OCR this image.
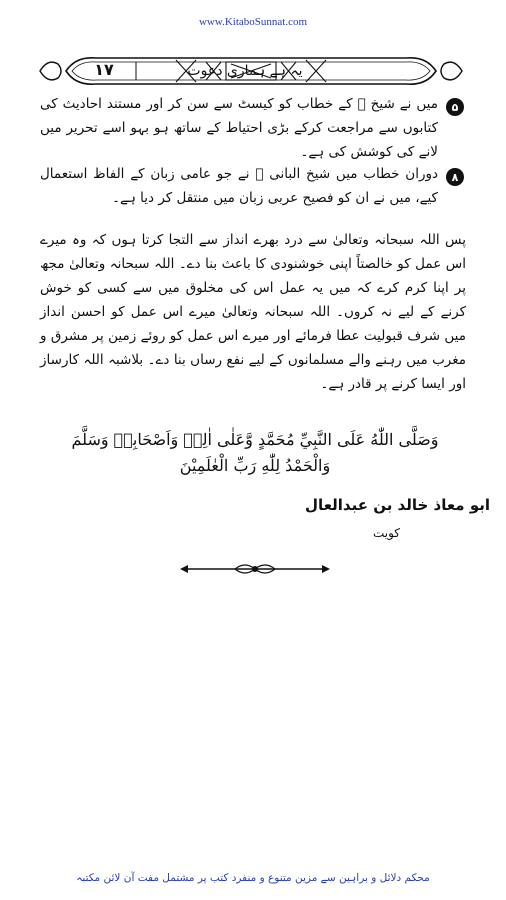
www.KitaboSunnat.com
۱۷	یہ ہے ہماری دعوت
۵
میں نے شیخ ﷫ کے خطاب کو کیسٹ سے سن کر اور مستند احادیث کی کتابوں سے مراجعت کرکے بڑی احتیاط کے ساتھ ہو بہو اسے تحریر میں لانے کی کوشش کی ہے۔
۸
دوران خطاب میں شیخ البانی ﷫ نے جو عامی زبان کے الفاظ استعمال کیے، میں نے ان کو فصیح عربی زبان میں منتقل کر دیا ہے۔
پس اللہ سبحانہ وتعالیٰ سے درد بھرے انداز سے التجا کرتا ہوں کہ وہ میرے اس عمل کو خالصتاً اپنی خوشنودی کا باعث بنا دے۔ اللہ سبحانہ وتعالیٰ مجھ پر اپنا کرم کرے کہ میں یہ عمل اس کی مخلوق میں سے کسی کو خوش کرنے کے لیے نہ کروں۔ اللہ سبحانہ وتعالیٰ میرے اس عمل کو احسن انداز میں شرف قبولیت عطا فرمائے اور میرے اس عمل کو روئے زمین پر مشرق و مغرب میں رہنے والے مسلمانوں کے لیے نفع رساں بنا دے۔ بلاشبہ اللہ کارساز اور ایسا کرنے پر قادر ہے۔
وَصَلَّى اللّٰهُ عَلَى النَّبِيِّ مُحَمَّدٍ وَّعَلٰى اٰلِهٖ وَاَصْحَابِهٖ وَسَلَّمَ
وَالْحَمْدُ لِلّٰهِ رَبِّ الْعٰلَمِيْنَ
ابو معاذ خالد بن عبدالعال
کویت
محکم دلائل و براہین سے مزین متنوع و منفرد کتب پر مشتمل مفت آن لائن مکتبہ
